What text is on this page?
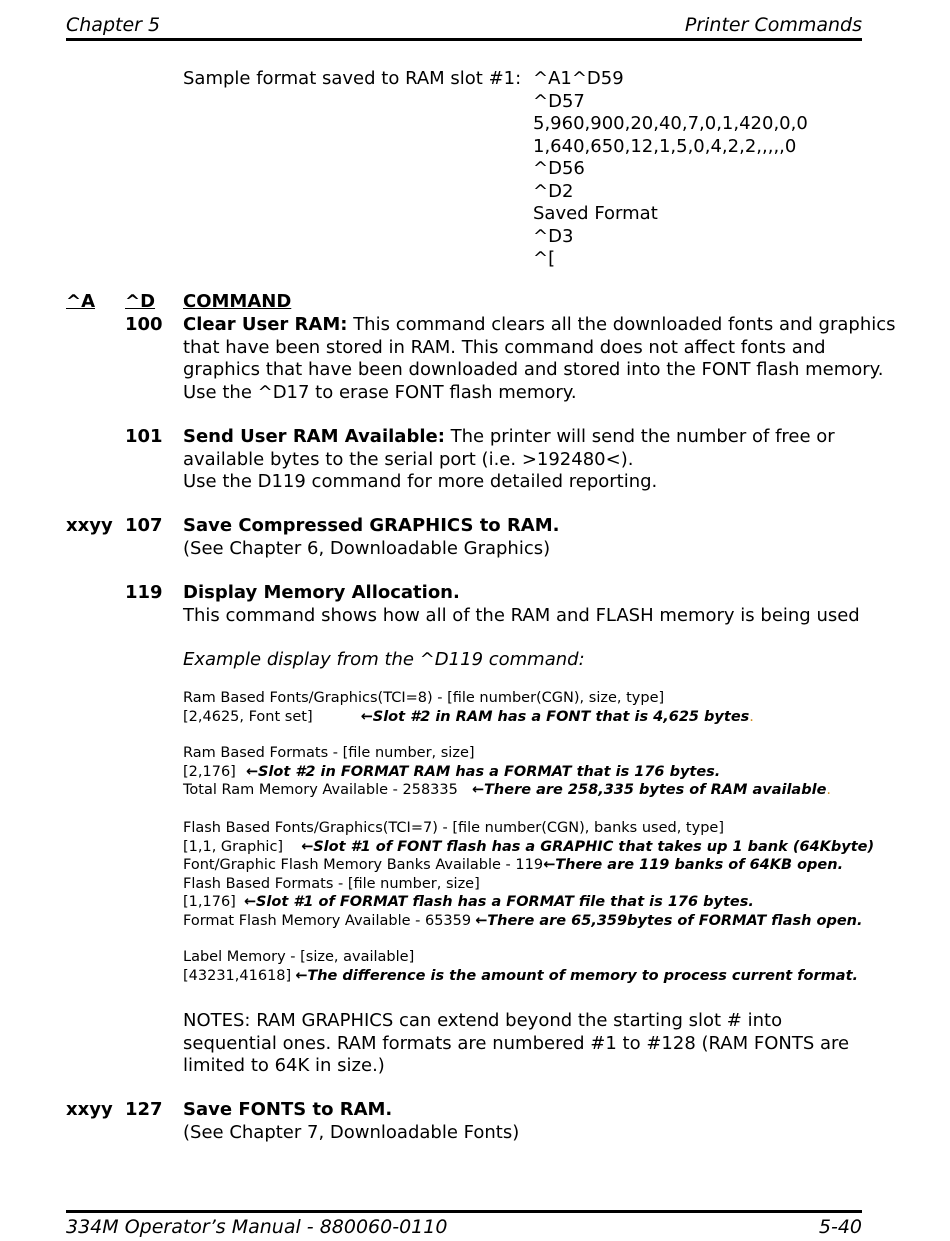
Chapter 5	Printer Commands
Sample format saved to RAM slot #1: ^A1^D59
^D57
5,960,900,20,40,7,0,1,420,0,0
1,640,650,12,1,5,0,4,2,2,,,,,0
^D56
^D2
Saved Format
^D3
^[
^A ^D COMMAND
100 Clear User RAM: This command clears all the downloaded fonts and graphics
that have been stored in RAM. This command does not affect fonts and
graphics that have been downloaded and stored into the FONT flash memory.
Use the ^D17 to erase FONT flash memory.
101 Send User RAM Available: The printer will send the number of free or
available bytes to the serial port (i.e. >192480<).
Use the D119 command for more detailed reporting.
xxyy 107 Save Compressed GRAPHICS to RAM.
(See Chapter 6, Downloadable Graphics)
119 Display Memory Allocation.
This command shows how all of the RAM and FLASH memory is being used
Example display from the ^D119 command:
Ram Based Fonts/Graphics(TCI=8) - [file number(CGN), size, type]
[2,4625, Font set]	←Slot #2 in RAM has a FONT that is 4,625 bytes.
Ram Based Formats - [file number, size]
[2,176] ←Slot #2 in FORMAT RAM has a FORMAT that is 176 bytes.
Total Ram Memory Available - 258335 ←There are 258,335 bytes of RAM available.
Flash Based Fonts/Graphics(TCI=7) - [file number(CGN), banks used, type]
[1,1, Graphic] ←Slot #1 of FONT flash has a GRAPHIC that takes up 1 bank (64Kbyte)
Font/Graphic Flash Memory Banks Available - 119←There are 119 banks of 64KB open.
Flash Based Formats - [file number, size]
[1,176] ←Slot #1 of FORMAT flash has a FORMAT file that is 176 bytes.
Format Flash Memory Available - 65359 ←There are 65,359bytes of FORMAT flash open.
Label Memory - [size, available]
[43231,41618] ←The difference is the amount of memory to process current format.
NOTES: RAM GRAPHICS can extend beyond the starting slot # into
sequential ones. RAM formats are numbered #1 to #128 (RAM FONTS are
limited to 64K in size.)
xxyy 127 Save FONTS to RAM.
(See Chapter 7, Downloadable Fonts)
334M Operator’s Manual - 880060-0110	5-40
